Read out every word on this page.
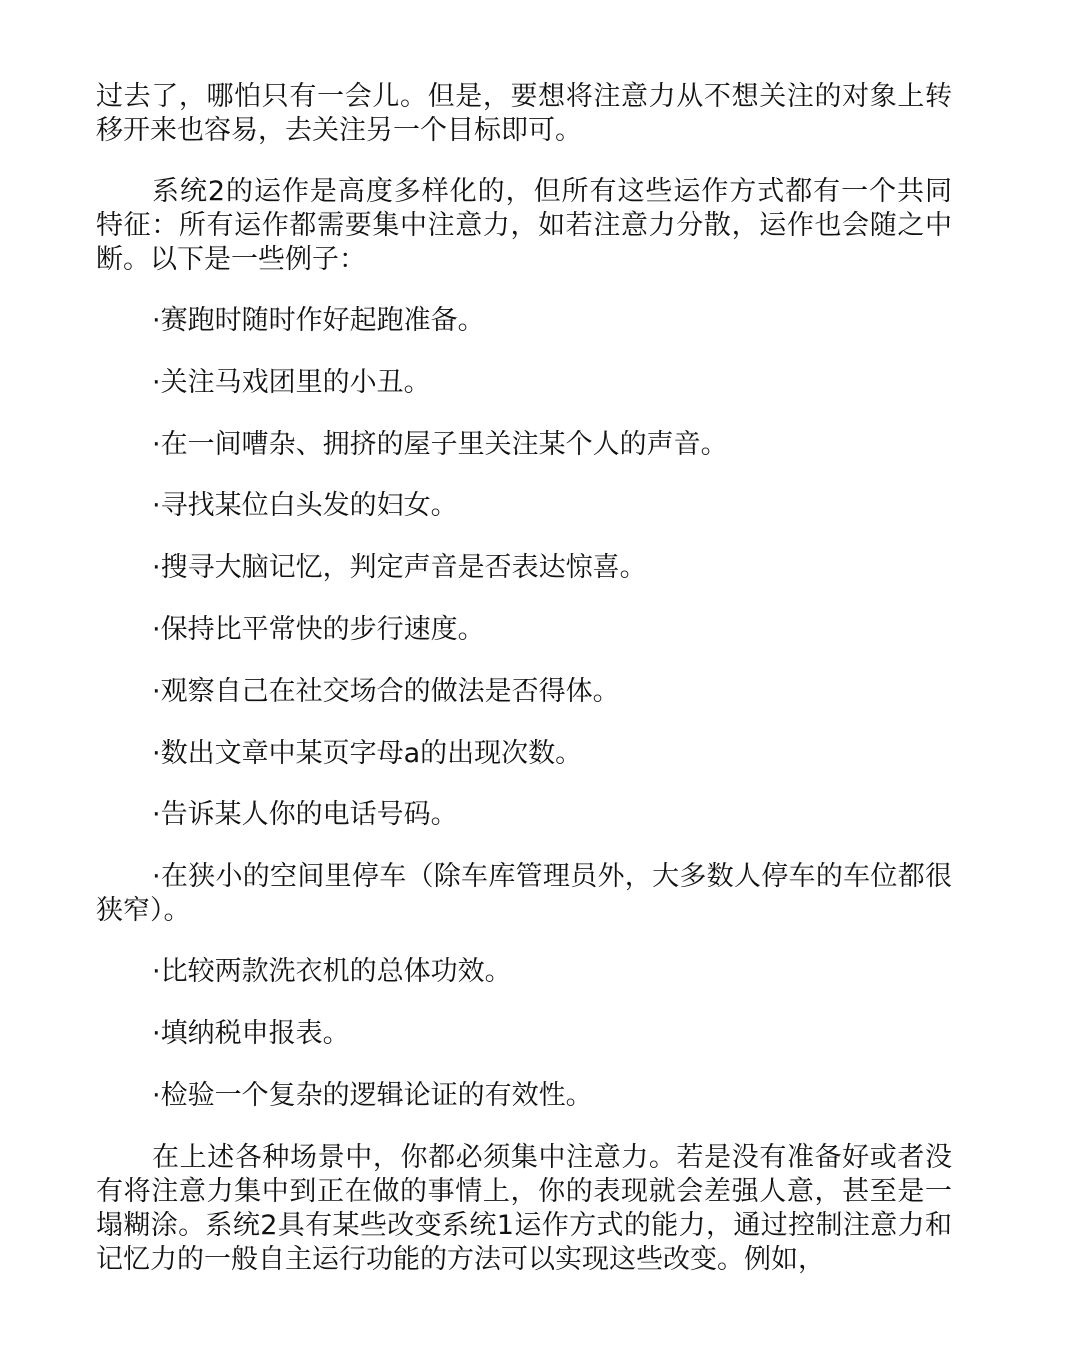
过去了，哪怕只有一会儿。但是，要想将注意力从不想关注的对象上转移开来也容易，去关注另一个目标即可。

系统2的运作是高度多样化的，但所有这些运作方式都有一个共同特征：所有运作都需要集中注意力，如若注意力分散，运作也会随之中断。以下是一些例子：

·赛跑时随时作好起跑准备。

·关注马戏团里的小丑。

·在一间嘈杂、拥挤的屋子里关注某个人的声音。

·寻找某位白头发的妇女。

·搜寻大脑记忆，判定声音是否表达惊喜。

·保持比平常快的步行速度。

·观察自己在社交场合的做法是否得体。

·数出文章中某页字母a的出现次数。

·告诉某人你的电话号码。

·在狭小的空间里停车（除车库管理员外，大多数人停车的车位都很狭窄）。

·比较两款洗衣机的总体功效。

·填纳税申报表。

·检验一个复杂的逻辑论证的有效性。

在上述各种场景中，你都必须集中注意力。若是没有准备好或者没有将注意力集中到正在做的事情上，你的表现就会差强人意，甚至是一塌糊涂。系统2具有某些改变系统1运作方式的能力，通过控制注意力和记忆力的一般自主运行功能的方法可以实现这些改变。例如，
